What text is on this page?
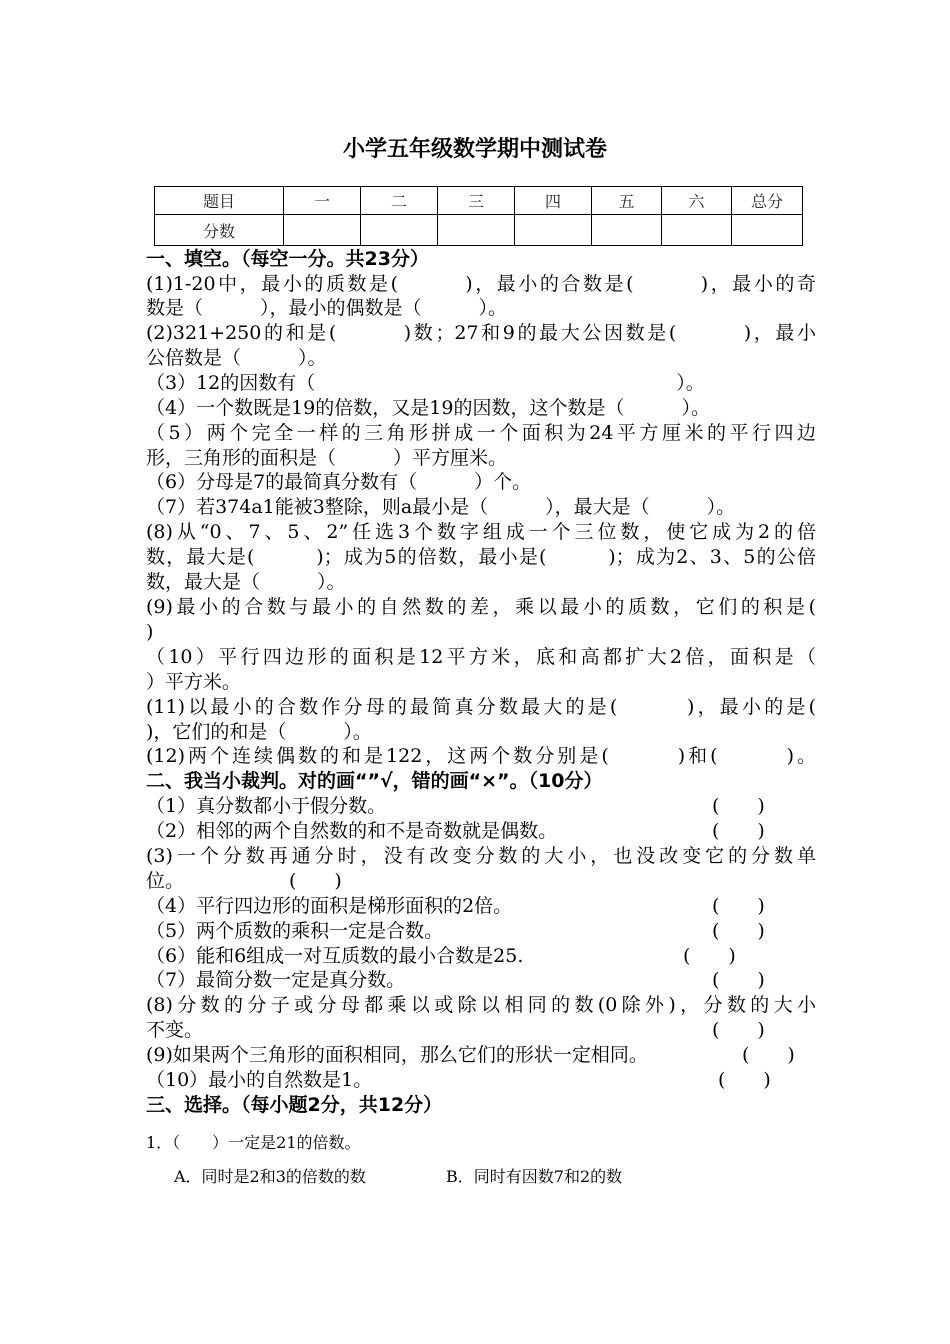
小学五年级数学期中测试卷
题目	一	二	三	四	五	六	总分
分数							
一、填空。（每空一分。共23分）
(1)1-20中，最小的质数是(　　　)，最小的合数是(　　　)，最小的奇
数是（　　　），最小的偶数是（　　　）。
(2)321+250的和是(　　　)数；27和9的最大公因数是(　　　)，最小
公倍数是（　　　）。
（3）12的因数有（　　　　　　　　　　　　　　　　　　　）。
（4）一个数既是19的倍数，又是19的因数，这个数是（　　　）。
（5）两个完全一样的三角形拼成一个面积为24平方厘米的平行四边
形，三角形的面积是（　　　）平方厘米。
（6）分母是7的最简真分数有（　　　）个。
（7）若374a1能被3整除，则a最小是（　　　），最大是（　　　）。
(8)从“0、7、5、2”任选3个数字组成一个三位数，使它成为2的倍
数，最大是(　　　)；成为5的倍数，最小是(　　　)；成为2、3、5的公倍
数，最大是（　　　）。
(9)最小的合数与最小的自然数的差，乘以最小的质数，它们的积是(
)
（10）平行四边形的面积是12平方米，底和高都扩大2倍，面积是（
）平方米。
(11)以最小的合数作分母的最简真分数最大的是(　　　)，最小的是(
)，它们的和是（　　　）。
(12)两个连续偶数的和是122，这两个数分别是(　　　)和(　　　)。
二、我当小裁判。对的画“”√，错的画“×”。（10分）
（1）真分数都小于假分数。	(　　)
（2）相邻的两个自然数的和不是奇数就是偶数。	(　　)
(3)一个分数再通分时，没有改变分数的大小，也没改变它的分数单
位。	(　　)
（4）平行四边形的面积是梯形面积的2倍。	(　　)
（5）两个质数的乘积一定是合数。	(　　)
（6）能和6组成一对互质数的最小合数是25.	(　　)
（7）最简分数一定是真分数。	(　　)
(8)分数的分子或分母都乘以或除以相同的数(0除外)，分数的大小
不变。	(　　)
(9)如果两个三角形的面积相同，那么它们的形状一定相同。	(　　)
（10）最小的自然数是1。	(　　)
三、选择。（每小题2分，共12分）
1．（　　）一定是21的倍数。
A．同时是2和3的倍数的数	B．同时有因数7和2的数
